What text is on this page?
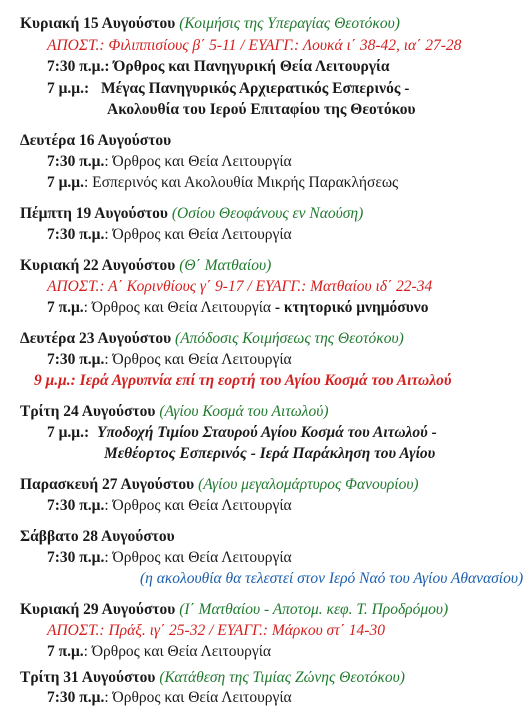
Κυριακή 15 Αυγούστου (Κοιμήσις της Υπεραγίας Θεοτόκου)
ΑΠΟΣΤ.: Φιλιππισίους β΄ 5-11 / ΕΥΑΓΓ.: Λουκά ι΄ 38-42, ια΄ 27-28
7:30 π.μ.: Όρθρος και Πανηγυρική Θεία Λειτουργία
7 μ.μ.: Μέγας Πανηγυρικός Αρχιερατικός Εσπερινός -
Ακολουθία του Ιερού Επιταφίου της Θεοτόκου
Δευτέρα 16 Αυγούστου
7:30 π.μ.: Όρθρος και Θεία Λειτουργία
7 μ.μ.: Εσπερινός και Ακολουθία Μικρής Παρακλήσεως
Πέμπτη 19 Αυγούστου (Οσίου Θεοφάνους εν Ναούση)
7:30 π.μ.: Όρθρος και Θεία Λειτουργία
Κυριακή 22 Αυγούστου (Θ΄ Ματθαίου)
ΑΠΟΣΤ.: Α΄ Κορινθίους γ΄ 9-17 / ΕΥΑΓΓ.: Ματθαίου ιδ΄ 22-34
7 π.μ.: Όρθρος και Θεία Λειτουργία - κτητορικό μνημόσυνο
Δευτέρα 23 Αυγούστου (Απόδοσις Κοιμήσεως της Θεοτόκου)
7:30 π.μ.: Όρθρος και Θεία Λειτουργία
9 μ.μ.: Ιερά Αγρυπνία επί τη εορτή του Αγίου Κοσμά του Αιτωλού
Τρίτη 24 Αυγούστου (Αγίου Κοσμά του Αιτωλού)
7 μ.μ.: Υποδοχή Τιμίου Σταυρού Αγίου Κοσμά του Αιτωλού -
Μεθέορτος Εσπερινός - Ιερά Παράκληση του Αγίου
Παρασκευή 27 Αυγούστου (Αγίου μεγαλομάρτυρος Φανουρίου)
7:30 π.μ.: Όρθρος και Θεία Λειτουργία
Σάββατο 28 Αυγούστου
7:30 π.μ.: Όρθρος και Θεία Λειτουργία
(η ακολουθία θα τελεστεί στον Ιερό Ναό του Αγίου Αθανασίου)
Κυριακή 29 Αυγούστου (Ι΄ Ματθαίου - Αποτομ. κεφ. Τ. Προδρόμου)
ΑΠΟΣΤ.: Πράξ. ιγ΄ 25-32 / ΕΥΑΓΓ.: Μάρκου στ΄ 14-30
7 π.μ.: Όρθρος και Θεία Λειτουργία
Τρίτη 31 Αυγούστου (Κατάθεση της Τιμίας Ζώνης Θεοτόκου)
7:30 π.μ.: Όρθρος και Θεία Λειτουργία
